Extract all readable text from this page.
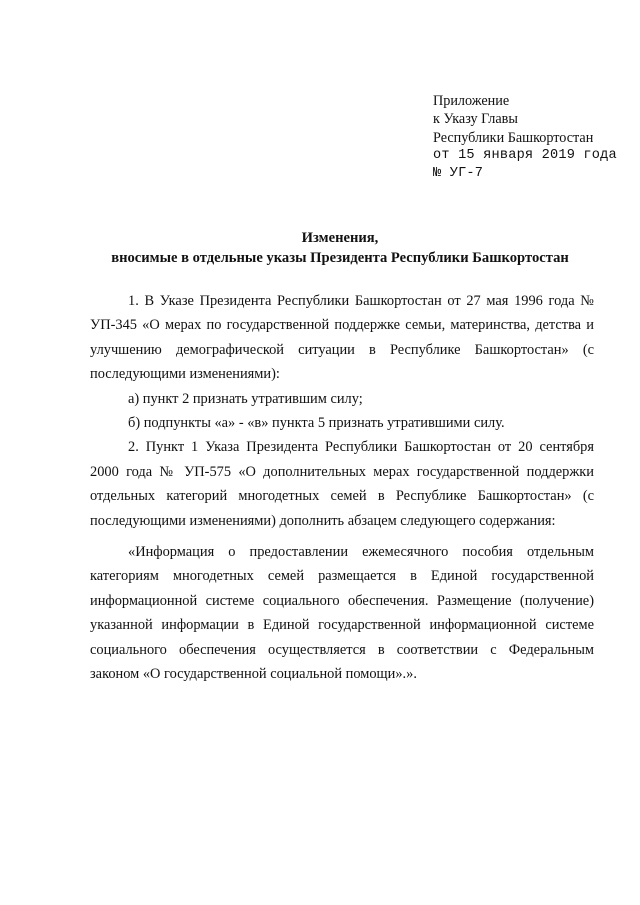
Приложение
к Указу Главы
Республики Башкортостан
от 15 января 2019 года
№ УГ-7
Изменения,
вносимые в отдельные указы Президента Республики Башкортостан

1. В Указе Президента Республики Башкортостан от 27 мая 1996 года № УП-345 «О мерах по государственной поддержке семьи, материнства, детства и улучшению демографической ситуации в Республике Башкортостан» (с последующими изменениями):

а) пункт 2 признать утратившим силу;

б) подпункты «а» - «в» пункта 5 признать утратившими силу.

2. Пункт 1 Указа Президента Республики Башкортостан от 20 сентября 2000 года № УП-575 «О дополнительных мерах государственной поддержки отдельных категорий многодетных семей в Республике Башкортостан» (с последующими изменениями) дополнить абзацем следующего содержания:

«Информация о предоставлении ежемесячного пособия отдельным категориям многодетных семей размещается в Единой государственной информационной системе социального обеспечения. Размещение (получение) указанной информации в Единой государственной информационной системе социального обеспечения осуществляется в соответствии с Федеральным законом «О государственной социальной помощи».».
